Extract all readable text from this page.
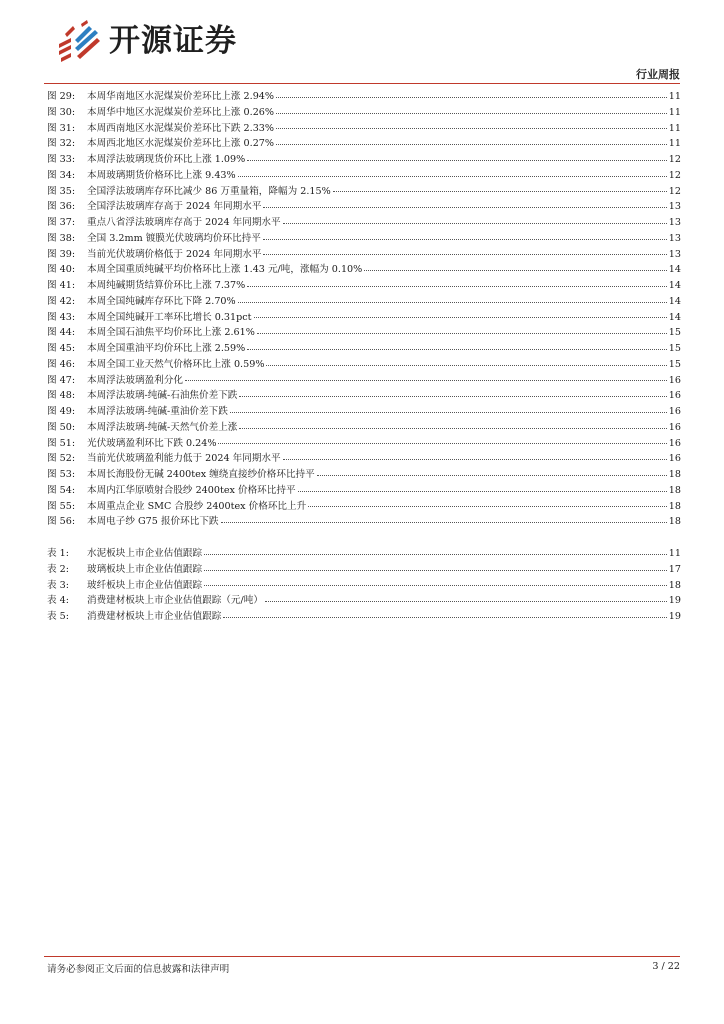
开源证券
行业周报
图 29:	本周华南地区水泥煤炭价差环比上涨 2.94%	11
图 30:	本周华中地区水泥煤炭价差环比上涨 0.26%	11
图 31:	本周西南地区水泥煤炭价差环比下跌 2.33%	11
图 32:	本周西北地区水泥煤炭价差环比上涨 0.27%	11
图 33:	本周浮法玻璃现货价环比上涨 1.09%	12
图 34:	本周玻璃期货价格环比上涨 9.43%	12
图 35:	全国浮法玻璃库存环比减少 86 万重量箱，降幅为 2.15%	12
图 36:	全国浮法玻璃库存高于 2024 年同期水平	13
图 37:	重点八省浮法玻璃库存高于 2024 年同期水平	13
图 38:	全国 3.2mm 镀膜光伏玻璃均价环比持平	13
图 39:	当前光伏玻璃价格低于 2024 年同期水平	13
图 40:	本周全国重质纯碱平均价格环比上涨 1.43 元/吨，涨幅为 0.10%	14
图 41:	本周纯碱期货结算价环比上涨 7.37%	14
图 42:	本周全国纯碱库存环比下降 2.70%	14
图 43:	本周全国纯碱开工率环比增长 0.31pct	14
图 44:	本周全国石油焦平均价环比上涨 2.61%	15
图 45:	本周全国重油平均价环比上涨 2.59%	15
图 46:	本周全国工业天然气价格环比上涨 0.59%	15
图 47:	本周浮法玻璃盈利分化	16
图 48:	本周浮法玻璃-纯碱-石油焦价差下跌	16
图 49:	本周浮法玻璃-纯碱-重油价差下跌	16
图 50:	本周浮法玻璃-纯碱-天然气价差上涨	16
图 51:	光伏玻璃盈利环比下跌 0.24%	16
图 52:	当前光伏玻璃盈利能力低于 2024 年同期水平	16
图 53:	本周长海股份无碱 2400tex 缠绕直接纱价格环比持平	18
图 54:	本周内江华原喷射合股纱 2400tex 价格环比持平	18
图 55:	本周重点企业 SMC 合股纱 2400tex 价格环比上升	18
图 56:	本周电子纱 G75 报价环比下跌	18
表 1:	水泥板块上市企业估值跟踪	11
表 2:	玻璃板块上市企业估值跟踪	17
表 3:	玻纤板块上市企业估值跟踪	18
表 4:	消费建材板块上市企业估值跟踪（元/吨）	19
表 5:	消费建材板块上市企业估值跟踪	19
请务必参阅正文后面的信息披露和法律声明	3 / 22
